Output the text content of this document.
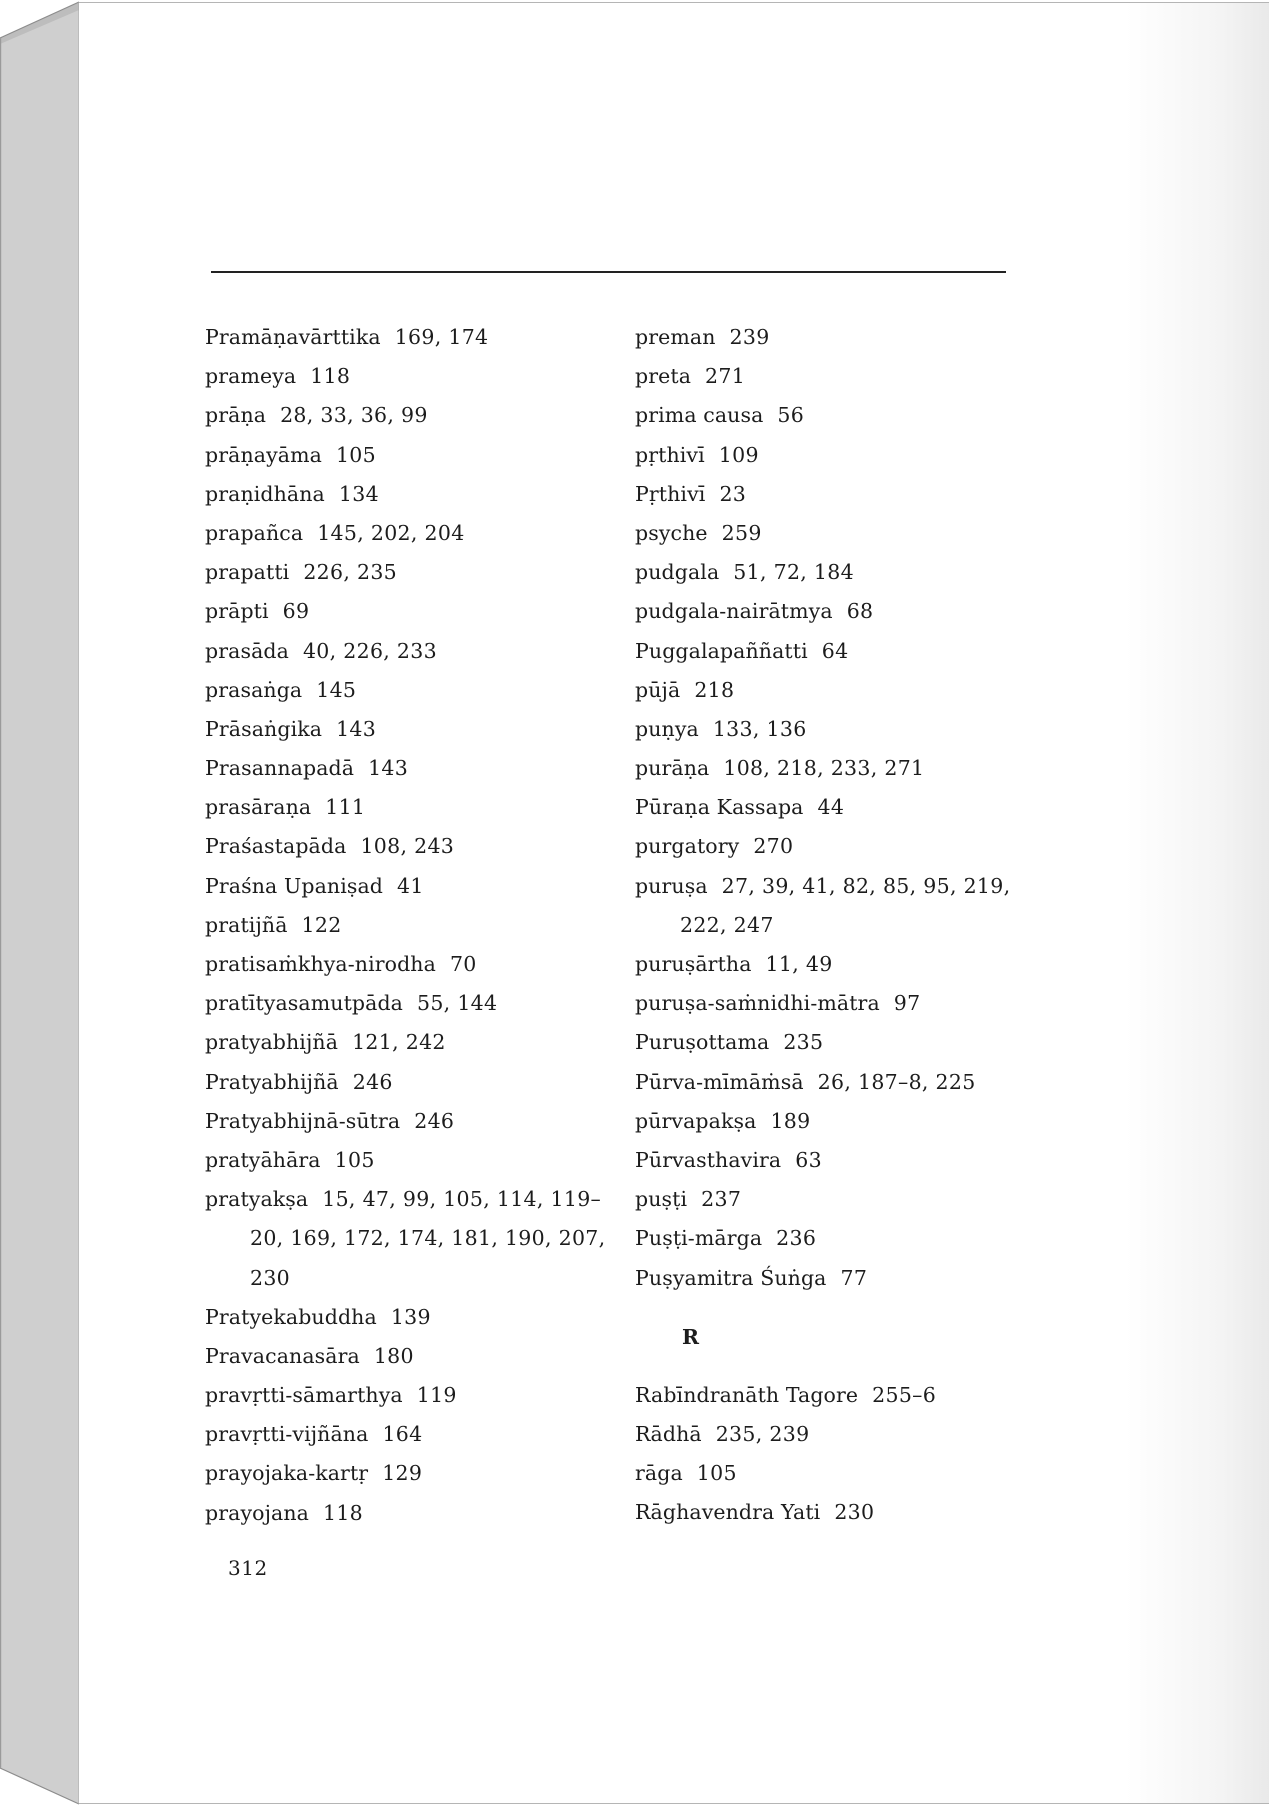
Pramāṇavārttika 169, 174
prameya 118
prāṇa 28, 33, 36, 99
prāṇayāma 105
praṇidhāna 134
prapañca 145, 202, 204
prapatti 226, 235
prāpti 69
prasāda 40, 226, 233
prasaṅga 145
Prāsaṅgika 143
Prasannapadā 143
prasāraṇa 111
Praśastapāda 108, 243
Praśna Upaniṣad 41
pratijñā 122
pratisaṁkhya-nirodha 70
pratītyasamutpāda 55, 144
pratyabhijñā 121, 242
Pratyabhijñā 246
Pratyabhijnā-sūtra 246
pratyāhāra 105
pratyakṣa 15, 47, 99, 105, 114, 119–
20, 169, 172, 174, 181, 190, 207,
230
Pratyekabuddha 139
Pravacanasāra 180
pravṛtti-sāmarthya 119
pravṛtti-vijñāna 164
prayojaka-kartṛ 129
prayojana 118
preman 239
preta 271
prima causa 56
pṛthivī 109
Pṛthivī 23
psyche 259
pudgala 51, 72, 184
pudgala-nairātmya 68
Puggalapaññatti 64
pūjā 218
puṇya 133, 136
purāṇa 108, 218, 233, 271
Pūraṇa Kassapa 44
purgatory 270
puruṣa 27, 39, 41, 82, 85, 95, 219,
222, 247
puruṣārtha 11, 49
puruṣa-saṁnidhi-mātra 97
Puruṣottama 235
Pūrva-mīmāṁsā 26, 187–8, 225
pūrvapakṣa 189
Pūrvasthavira 63
puṣṭi 237
Puṣṭi-mārga 236
Puṣyamitra Śuṅga 77
R
Rabīndranāth Tagore 255–6
Rādhā 235, 239
rāga 105
Rāghavendra Yati 230
312
